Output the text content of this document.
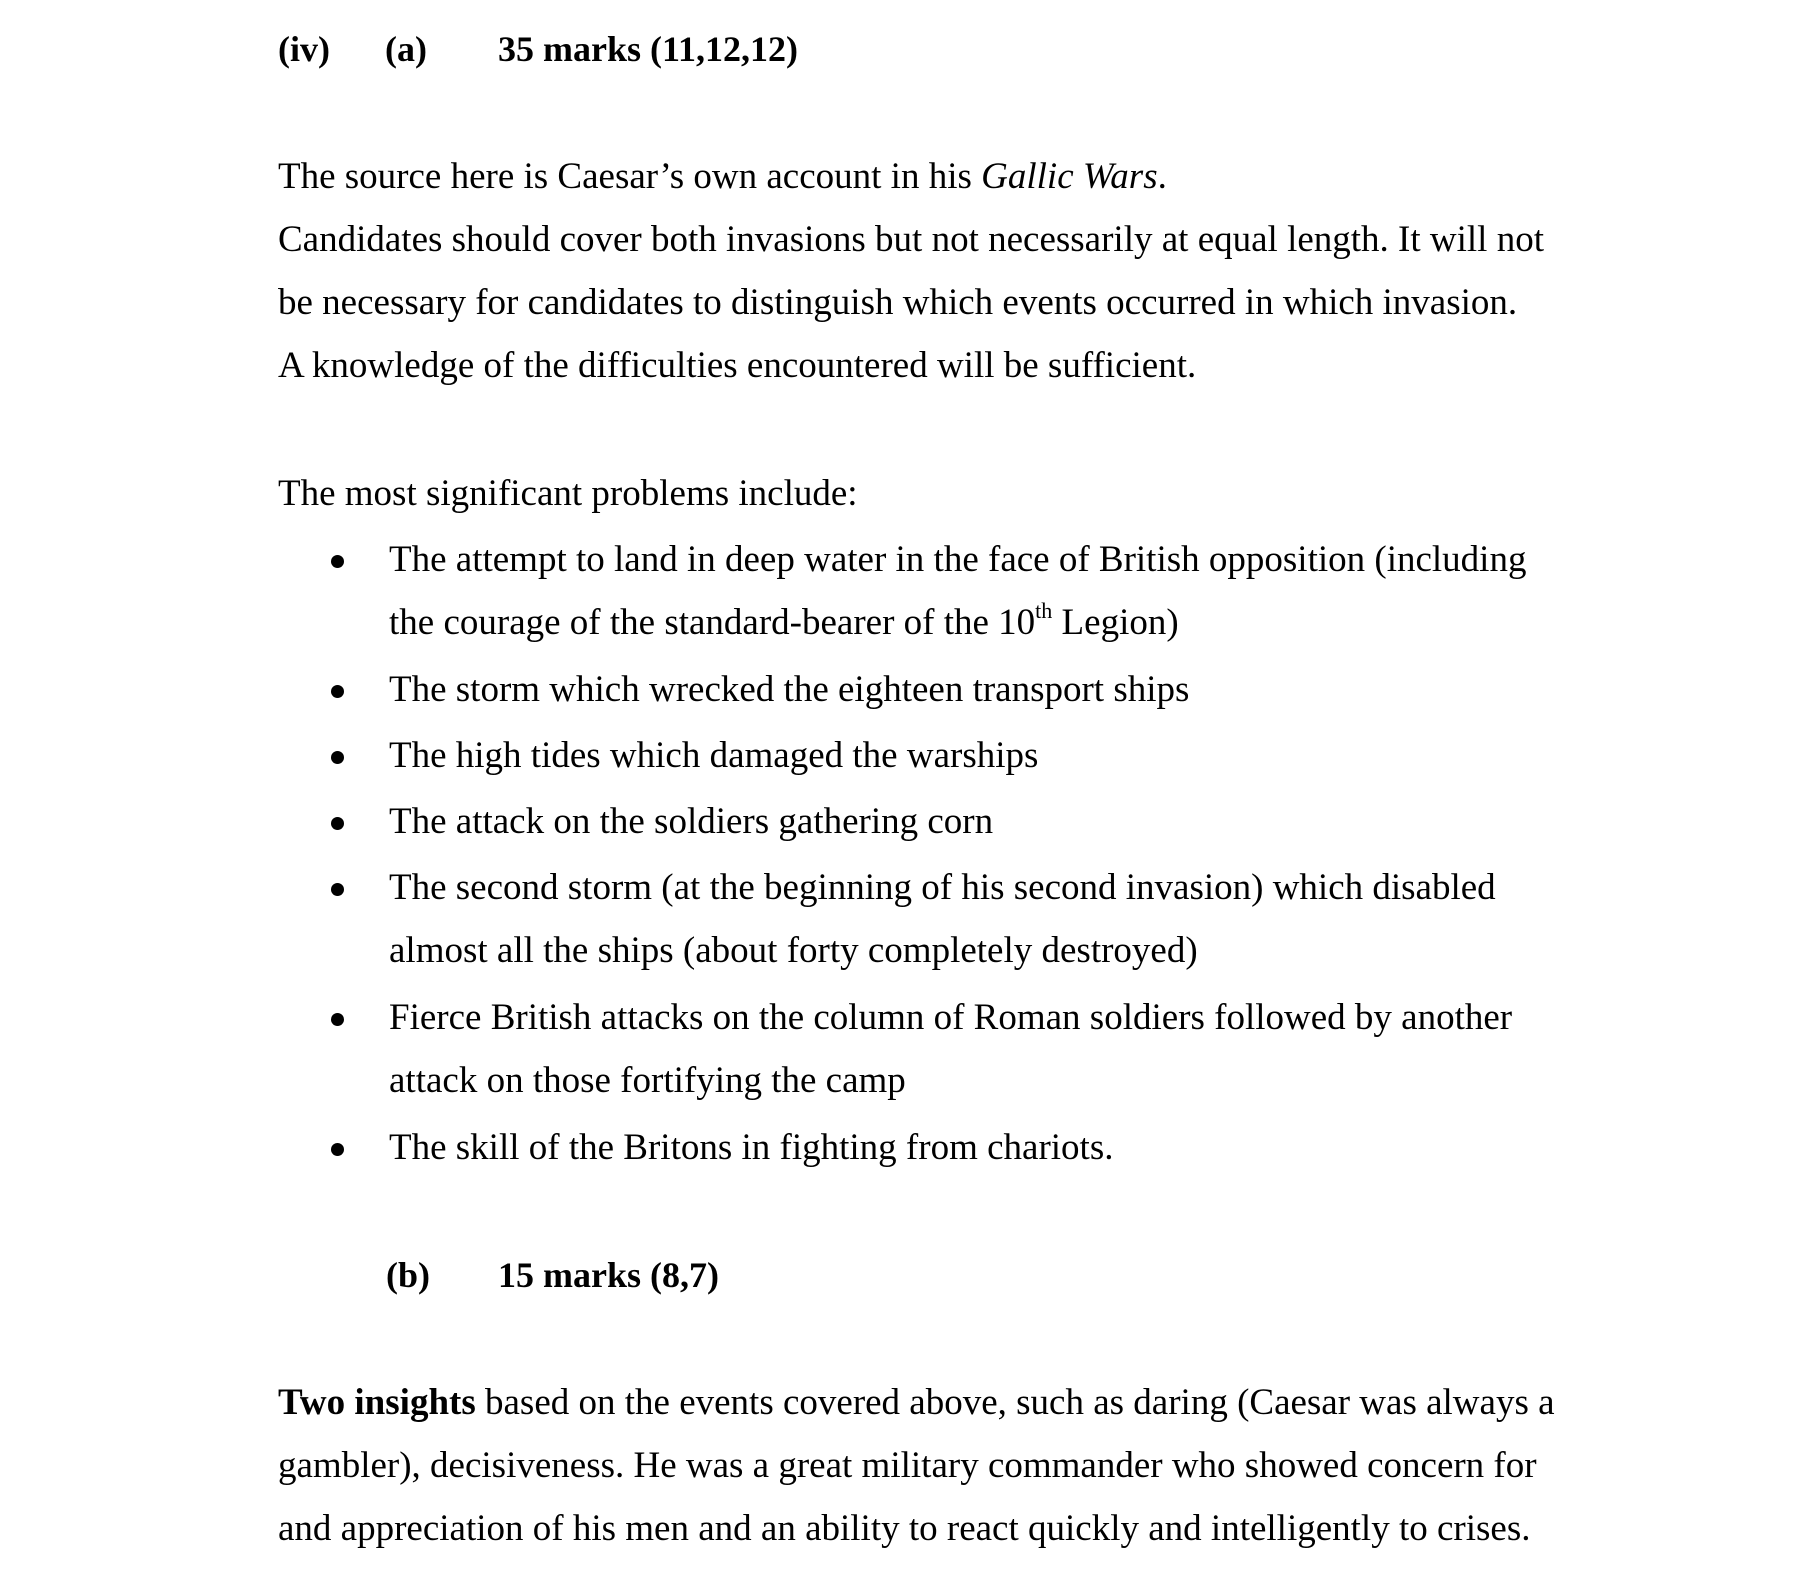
(iv) (a) 35 marks (11,12,12)
The source here is Caesar’s own account in his Gallic Wars.
Candidates should cover both invasions but not necessarily at equal length. It will not
be necessary for candidates to distinguish which events occurred in which invasion.
A knowledge of the difficulties encountered will be sufficient.
The most significant problems include:
The attempt to land in deep water in the face of British opposition (including
the courage of the standard-bearer of the 10th Legion)
The storm which wrecked the eighteen transport ships
The high tides which damaged the warships
The attack on the soldiers gathering corn
The second storm (at the beginning of his second invasion) which disabled
almost all the ships (about forty completely destroyed)
Fierce British attacks on the column of Roman soldiers followed by another
attack on those fortifying the camp
The skill of the Britons in fighting from chariots.
(b) 15 marks (8,7)
Two insights based on the events covered above, such as daring (Caesar was always a
gambler), decisiveness. He was a great military commander who showed concern for
and appreciation of his men and an ability to react quickly and intelligently to crises.
